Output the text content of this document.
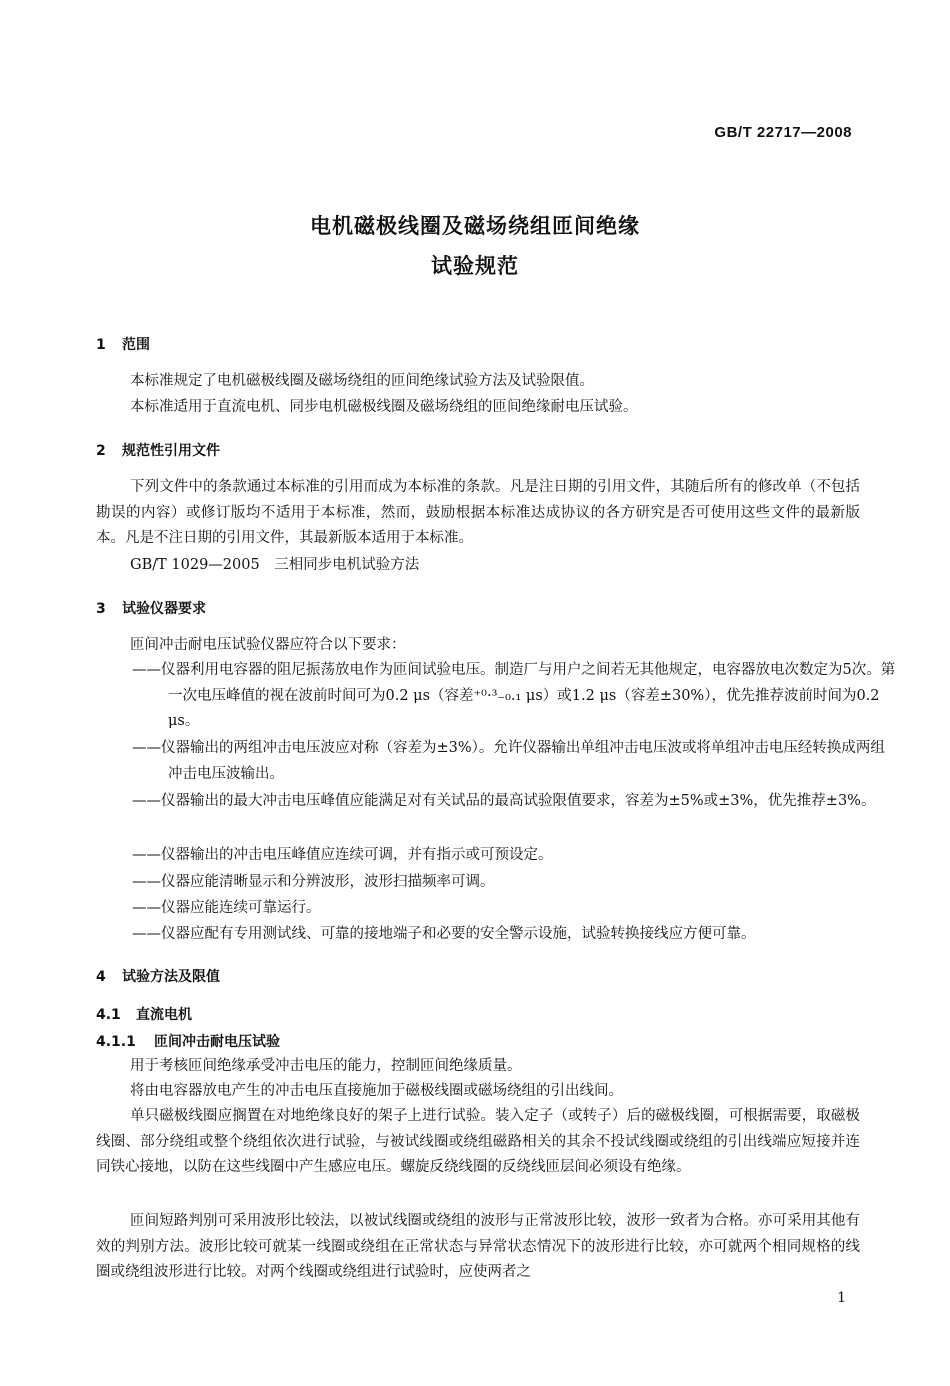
GB/T 22717—2008
电机磁极线圈及磁场绕组匝间绝缘
试验规范
1 范围
本标准规定了电机磁极线圈及磁场绕组的匝间绝缘试验方法及试验限值。
本标准适用于直流电机、同步电机磁极线圈及磁场绕组的匝间绝缘耐电压试验。
2 规范性引用文件
下列文件中的条款通过本标准的引用而成为本标准的条款。凡是注日期的引用文件，其随后所有的修改单（不包括勘误的内容）或修订版均不适用于本标准，然而，鼓励根据本标准达成协议的各方研究是否可使用这些文件的最新版本。凡是不注日期的引用文件，其最新版本适用于本标准。
GB/T 1029—2005　三相同步电机试验方法
3 试验仪器要求
匝间冲击耐电压试验仪器应符合以下要求：
——仪器利用电容器的阻尼振荡放电作为匝间试验电压。制造厂与用户之间若无其他规定，电容器放电次数定为5次。第一次电压峰值的视在波前时间可为0.2 μs（容差⁺⁰·³₋₀.₁ μs）或1.2 μs（容差±30%），优先推荐波前时间为0.2 μs。
——仪器输出的两组冲击电压波应对称（容差为±3%）。允许仪器输出单组冲击电压波或将单组冲击电压经转换成两组冲击电压波输出。
——仪器输出的最大冲击电压峰值应能满足对有关试品的最高试验限值要求，容差为±5%或±3%，优先推荐±3%。
——仪器输出的冲击电压峰值应连续可调，并有指示或可预设定。
——仪器应能清晰显示和分辨波形，波形扫描频率可调。
——仪器应能连续可靠运行。
——仪器应配有专用测试线、可靠的接地端子和必要的安全警示设施，试验转换接线应方便可靠。
4 试验方法及限值
4.1 直流电机
4.1.1 匝间冲击耐电压试验
用于考核匝间绝缘承受冲击电压的能力，控制匝间绝缘质量。
将由电容器放电产生的冲击电压直接施加于磁极线圈或磁场绕组的引出线间。
单只磁极线圈应搁置在对地绝缘良好的架子上进行试验。装入定子（或转子）后的磁极线圈，可根据需要，取磁极线圈、部分绕组或整个绕组依次进行试验，与被试线圈或绕组磁路相关的其余不投试线圈或绕组的引出线端应短接并连同铁心接地，以防在这些线圈中产生感应电压。螺旋反绕线圈的反绕线匝层间必须设有绝缘。
匝间短路判别可采用波形比较法，以被试线圈或绕组的波形与正常波形比较，波形一致者为合格。亦可采用其他有效的判别方法。波形比较可就某一线圈或绕组在正常状态与异常状态情况下的波形进行比较，亦可就两个相同规格的线圈或绕组波形进行比较。对两个线圈或绕组进行试验时，应使两者之
1
